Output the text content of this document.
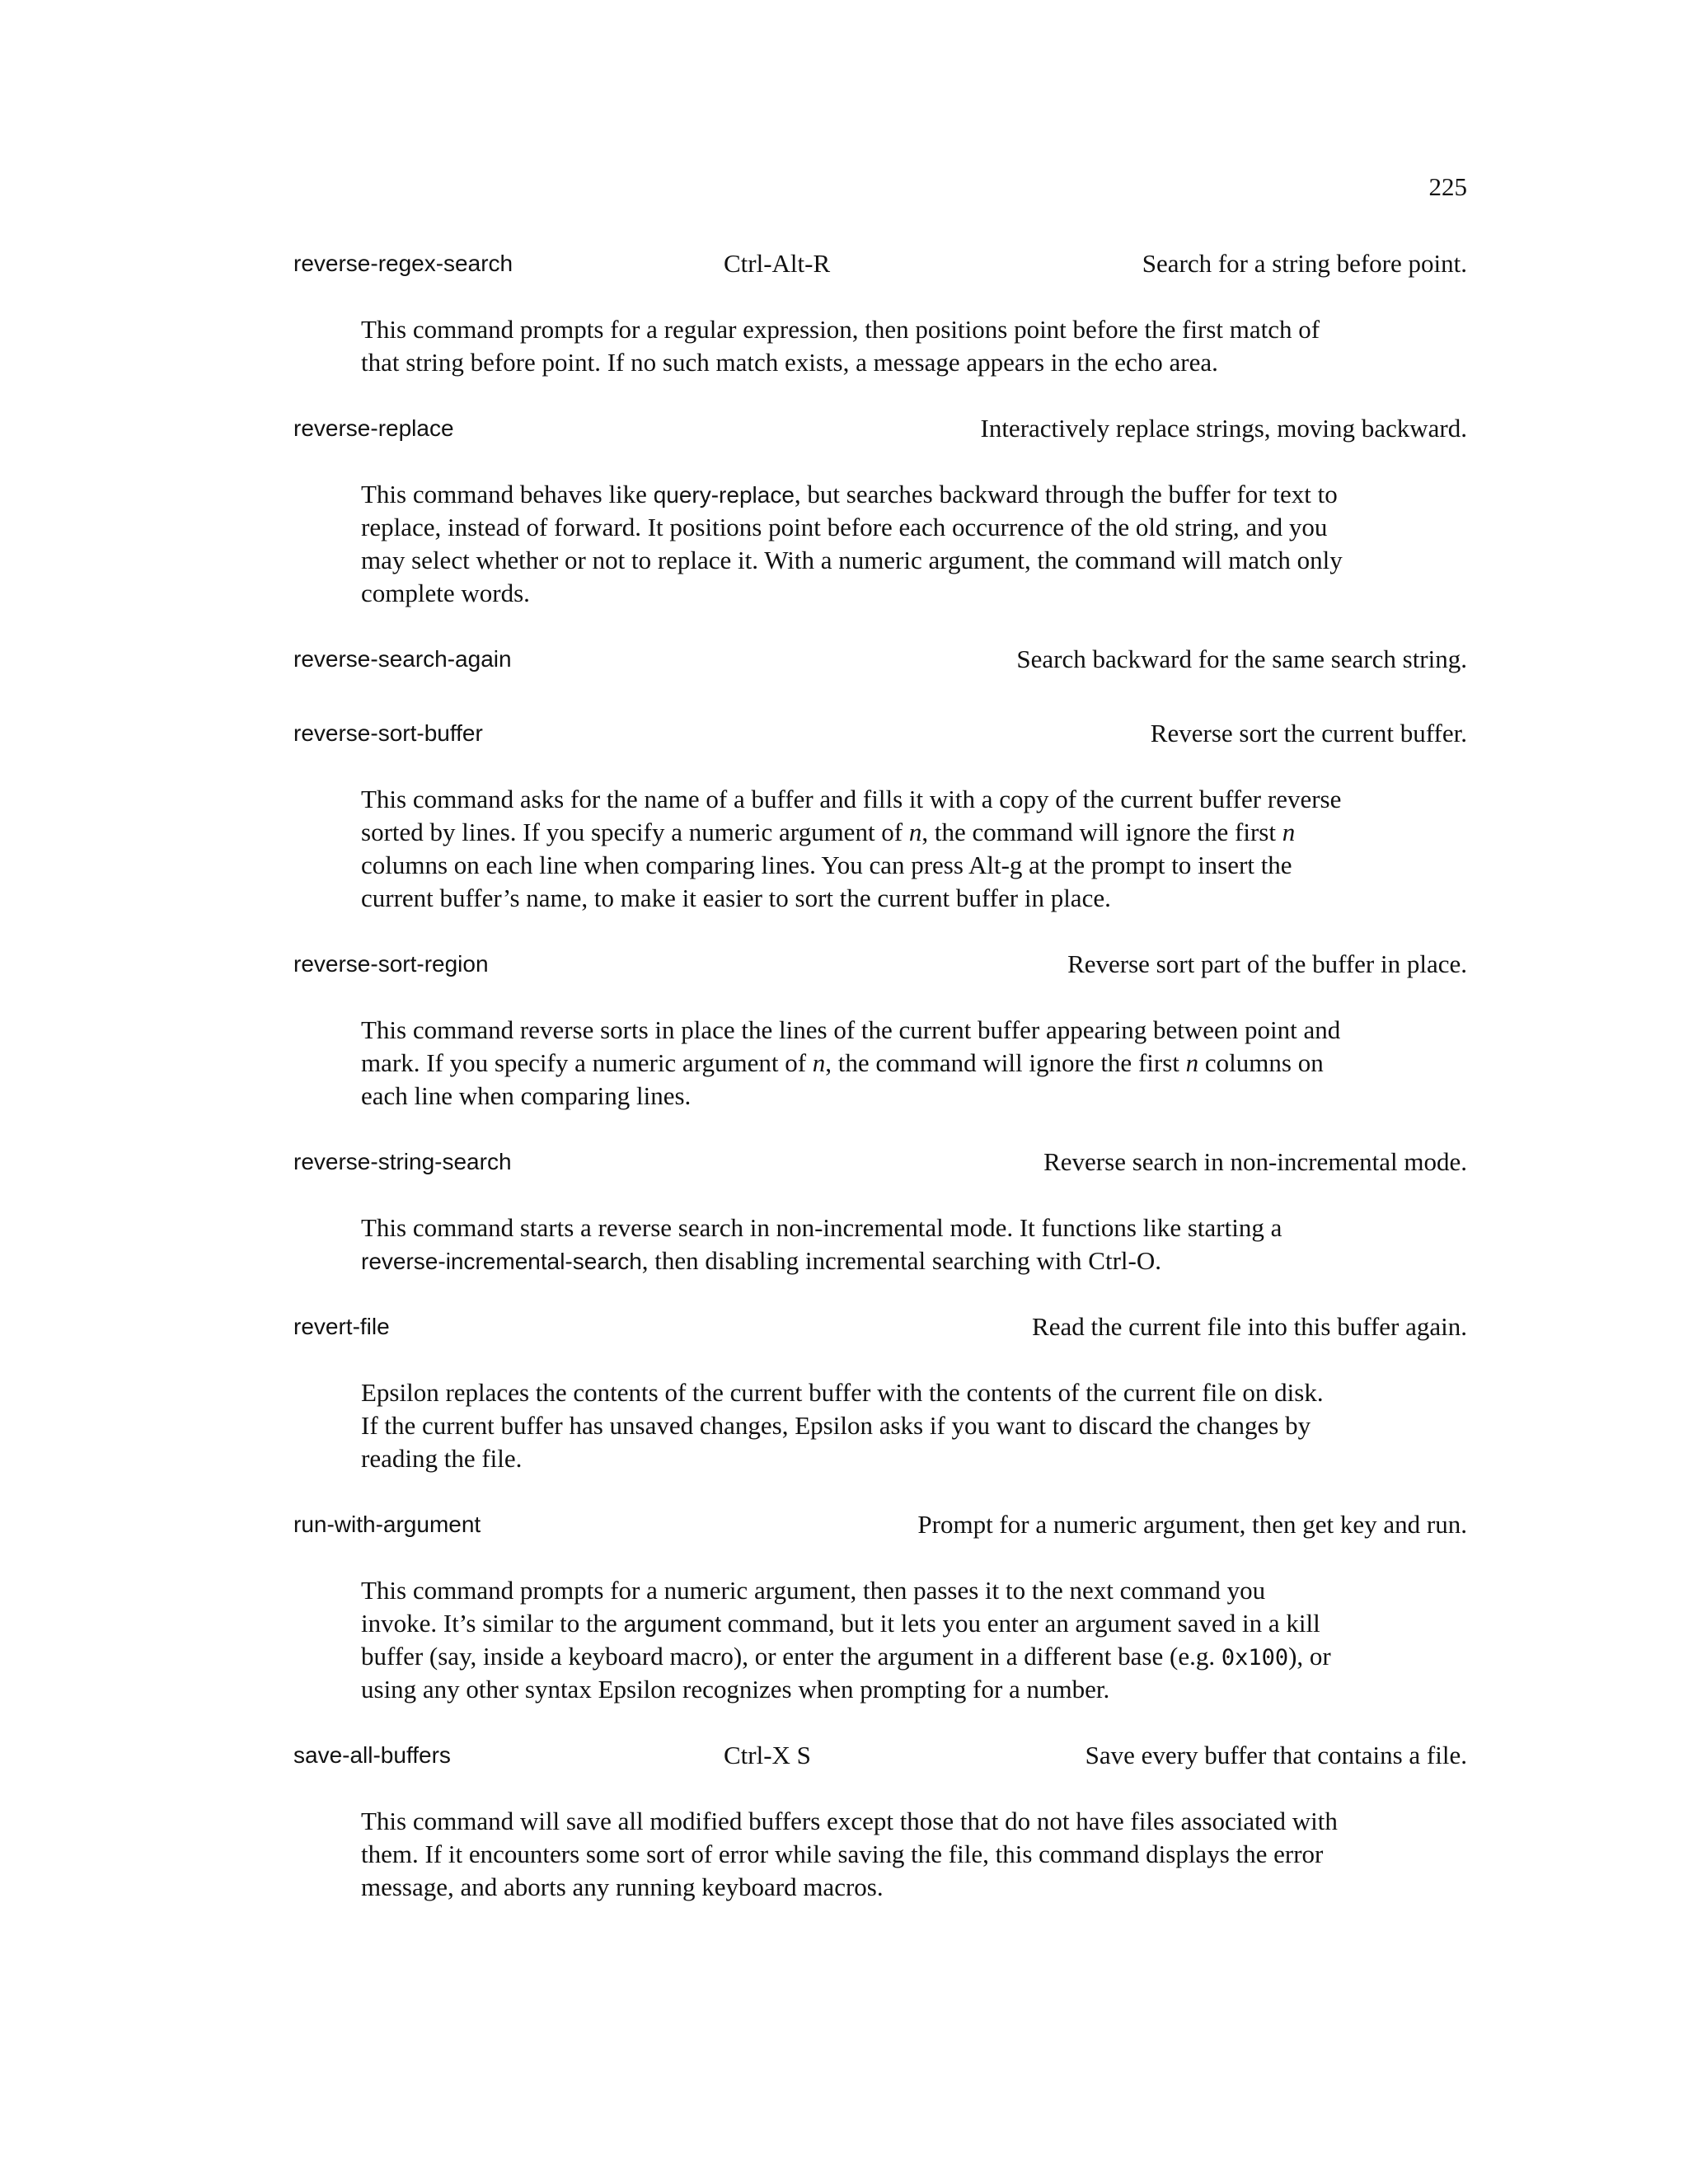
225
reverse-regex-search	Ctrl-Alt-R	Search for a string before point.
This command prompts for a regular expression, then positions point before the first match of
that string before point. If no such match exists, a message appears in the echo area.
reverse-replace	Interactively replace strings, moving backward.
This command behaves like query-replace, but searches backward through the buffer for text to
replace, instead of forward. It positions point before each occurrence of the old string, and you
may select whether or not to replace it. With a numeric argument, the command will match only
complete words.
reverse-search-again	Search backward for the same search string.
reverse-sort-buffer	Reverse sort the current buffer.
This command asks for the name of a buffer and fills it with a copy of the current buffer reverse
sorted by lines. If you specify a numeric argument of n, the command will ignore the first n
columns on each line when comparing lines. You can press Alt-g at the prompt to insert the
current buffer’s name, to make it easier to sort the current buffer in place.
reverse-sort-region	Reverse sort part of the buffer in place.
This command reverse sorts in place the lines of the current buffer appearing between point and
mark. If you specify a numeric argument of n, the command will ignore the first n columns on
each line when comparing lines.
reverse-string-search	Reverse search in non-incremental mode.
This command starts a reverse search in non-incremental mode. It functions like starting a
reverse-incremental-search, then disabling incremental searching with Ctrl-O.
revert-file	Read the current file into this buffer again.
Epsilon replaces the contents of the current buffer with the contents of the current file on disk.
If the current buffer has unsaved changes, Epsilon asks if you want to discard the changes by
reading the file.
run-with-argument	Prompt for a numeric argument, then get key and run.
This command prompts for a numeric argument, then passes it to the next command you
invoke. It’s similar to the argument command, but it lets you enter an argument saved in a kill
buffer (say, inside a keyboard macro), or enter the argument in a different base (e.g. 0x100), or
using any other syntax Epsilon recognizes when prompting for a number.
save-all-buffers	Ctrl-X S	Save every buffer that contains a file.
This command will save all modified buffers except those that do not have files associated with
them. If it encounters some sort of error while saving the file, this command displays the error
message, and aborts any running keyboard macros.
